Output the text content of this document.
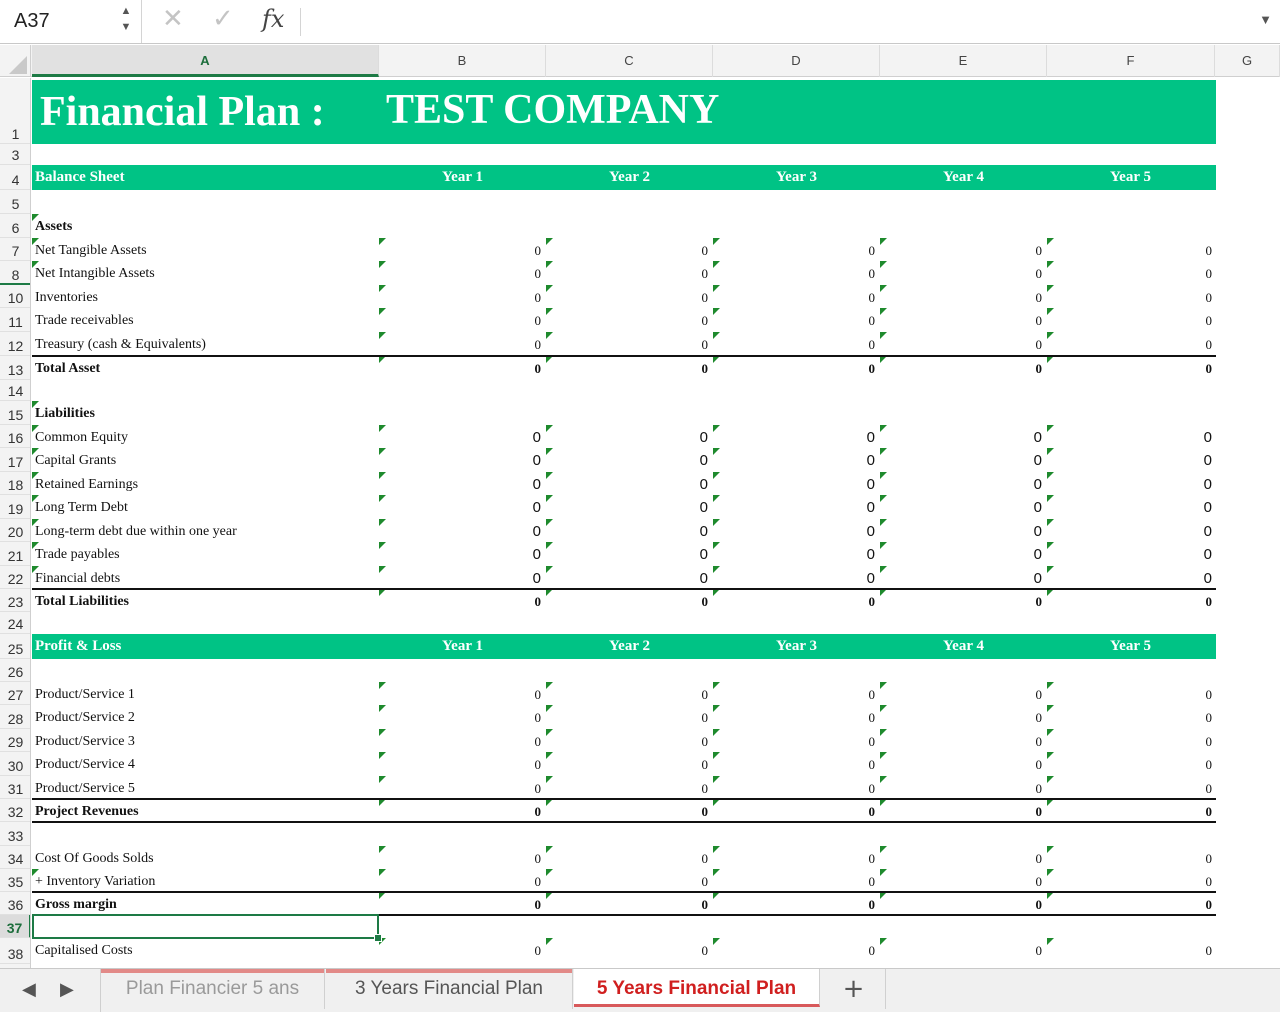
A37	▲
▼ ✕ ✓ fx	▼
A	B	C	D	E	F	G
1
3
4
5
6
7
8
10
11
12
13
14
15
16
17
18
19
20
21
22
23
24
25
26
27
28
29
30
31
32
33
34
35
36
37
38
Financial Plan : TEST COMPANY
Balance Sheet	Year 1	Year 2	Year 3	Year 4	Year 5
Profit & Loss	Year 1	Year 2	Year 3	Year 4	Year 5
Assets
Liabilities
Net Tangible Assets	0	0	0	0	0
Net Intangible Assets	0	0	0	0	0
Inventories	0	0	0	0	0
Trade receivables	0	0	0	0	0
Treasury (cash & Equivalents)	0	0	0	0	0
Total Asset	0	0	0	0	0
Common Equity	0	0	0	0	0
Capital Grants	0	0	0	0	0
Retained Earnings	0	0	0	0	0
Long Term Debt	0	0	0	0	0
Long-term debt due within one year	0	0	0	0	0
Trade payables	0	0	0	0	0
Financial debts	0	0	0	0	0
Total Liabilities	0	0	0	0	0
Product/Service 1	0	0	0	0	0
Product/Service 2	0	0	0	0	0
Product/Service 3	0	0	0	0	0
Product/Service 4	0	0	0	0	0
Product/Service 5	0	0	0	0	0
Project Revenues	0	0	0	0	0
Cost Of Goods Solds	0	0	0	0	0
+ Inventory Variation	0	0	0	0	0
Gross margin	0	0	0	0	0
Capitalised Costs	0	0	0	0	0
◀ ▶	Plan Financier 5 ans	3 Years Financial Plan	5 Years Financial Plan	+
